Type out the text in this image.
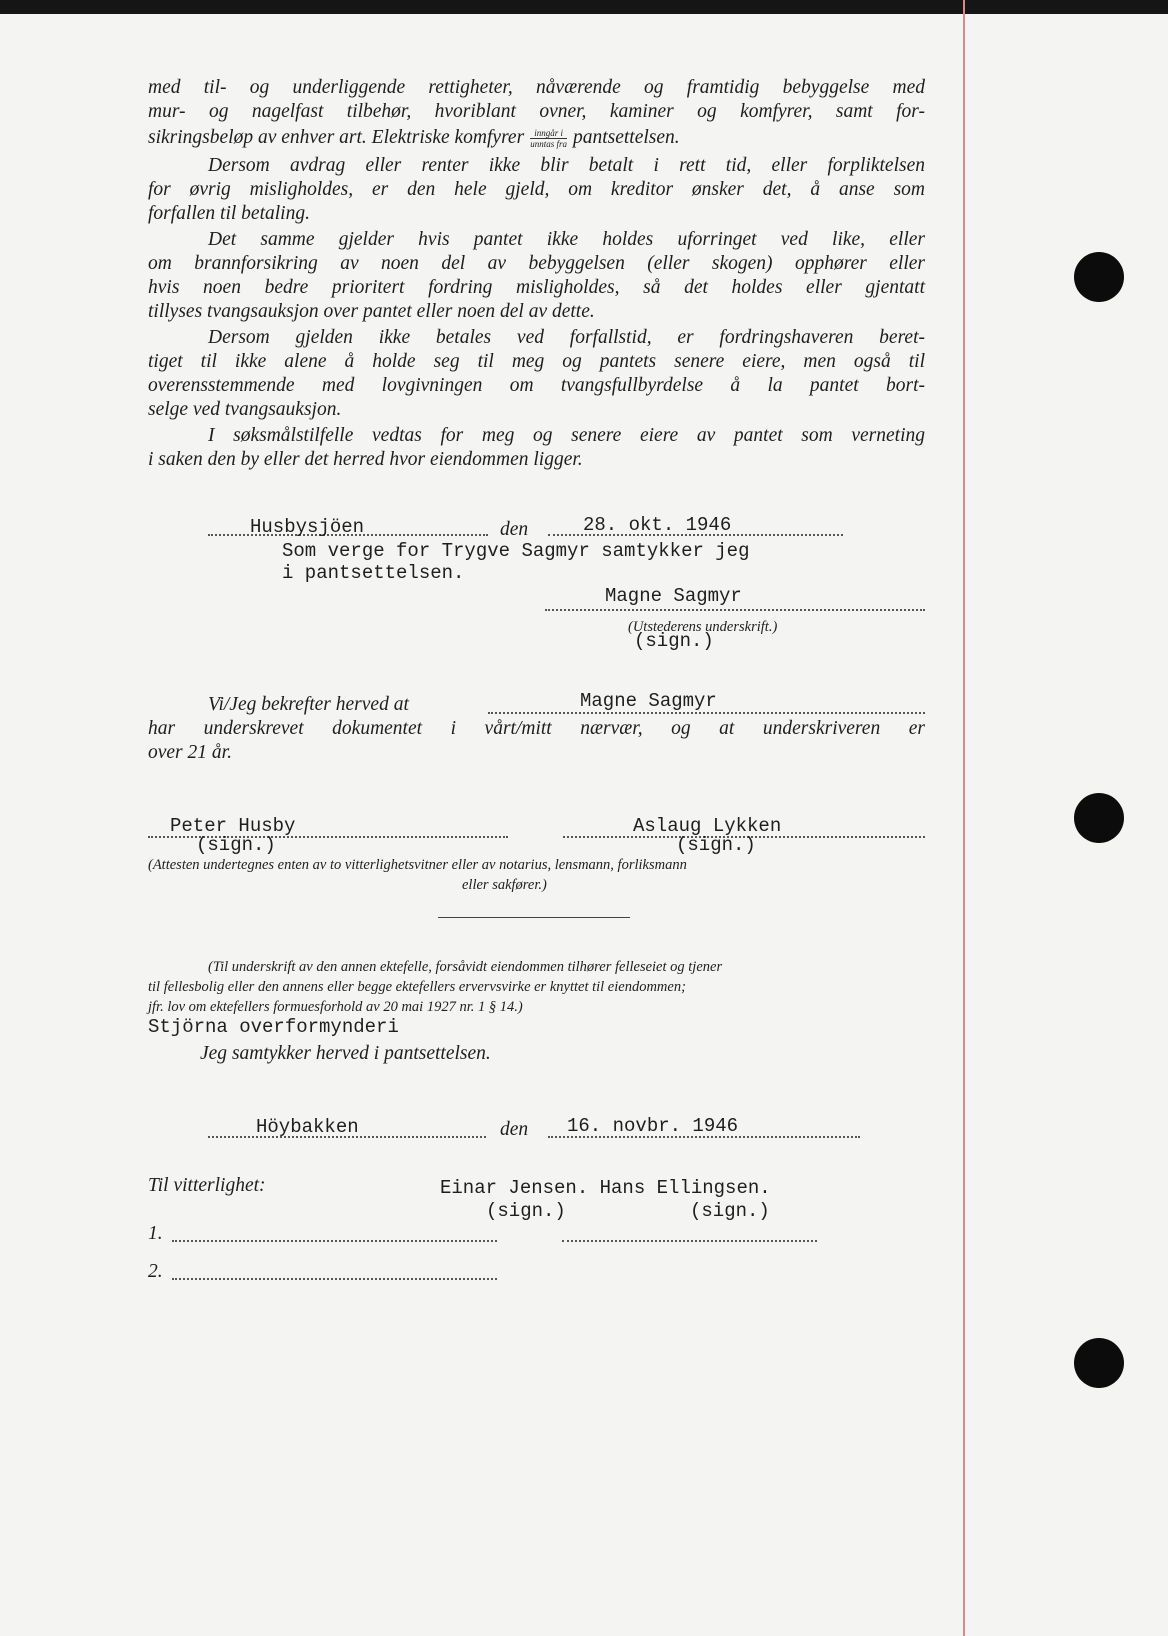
med til- og underliggende rettigheter, nåværende og framtidig bebyggelse med
mur- og nagelfast tilbehør, hvoriblant ovner, kaminer og komfyrer, samt for-
sikringsbeløp av enhver art. Elektriske komfyrer $\frac{\text{inngår i}}{\text{unntas fra}}$ pantsettelsen.
Dersom avdrag eller renter ikke blir betalt i rett tid, eller forpliktelsen
for øvrig misligholdes, er den hele gjeld, om kreditor ønsker det, å anse som
forfallen til betaling.
Det samme gjelder hvis pantet ikke holdes uforringet ved like, eller
om brannforsikring av noen del av bebyggelsen (eller skogen) opphører eller
hvis noen bedre prioritert fordring misligholdes, så det holdes eller gjentatt
tillyses tvangsauksjon over pantet eller noen del av dette.
Dersom gjelden ikke betales ved forfallstid, er fordringshaveren beret-
tiget til ikke alene å holde seg til meg og pantets senere eiere, men også til
overensstemmende med lovgivningen om tvangsfullbyrdelse å la pantet bort-
selge ved tvangsauksjon.
I søksmålstilfelle vedtas for meg og senere eiere av pantet som verneting
i saken den by eller det herred hvor eiendommen ligger.
Husbysjöen	den	28. okt. 1946
Som verge for Trygve Sagmyr samtykker jeg
i pantsettelsen.
Magne Sagmyr
(Utstederens underskrift.)
(sign.)
Vi/Jeg bekrefter herved at	Magne Sagmyr
har underskrevet dokumentet i vårt/mitt nærvær, og at underskriveren er
over 21 år.
Peter Husby
(sign.)
Aslaug Lykken
(sign.)
(Attesten undertegnes enten av to vitterlighetsvitner eller av notarius, lensmann, forliksmann
eller sakfører.)
(Til underskrift av den annen ektefelle, forsåvidt eiendommen tilhører felleseiet og tjener
til fellesbolig eller den annens eller begge ektefellers ervervsvirke er knyttet til eiendommen;
jfr. lov om ektefellers formuesforhold av 20 mai 1927 nr. 1 § 14.)
Stjörna overformynderi
Jeg samtykker herved i pantsettelsen.
Höybakken	den 16. novbr. 1946
Til vitterlighet:	Einar Jensen. Hans Ellingsen.
(sign.)	(sign.)
1.
2.
